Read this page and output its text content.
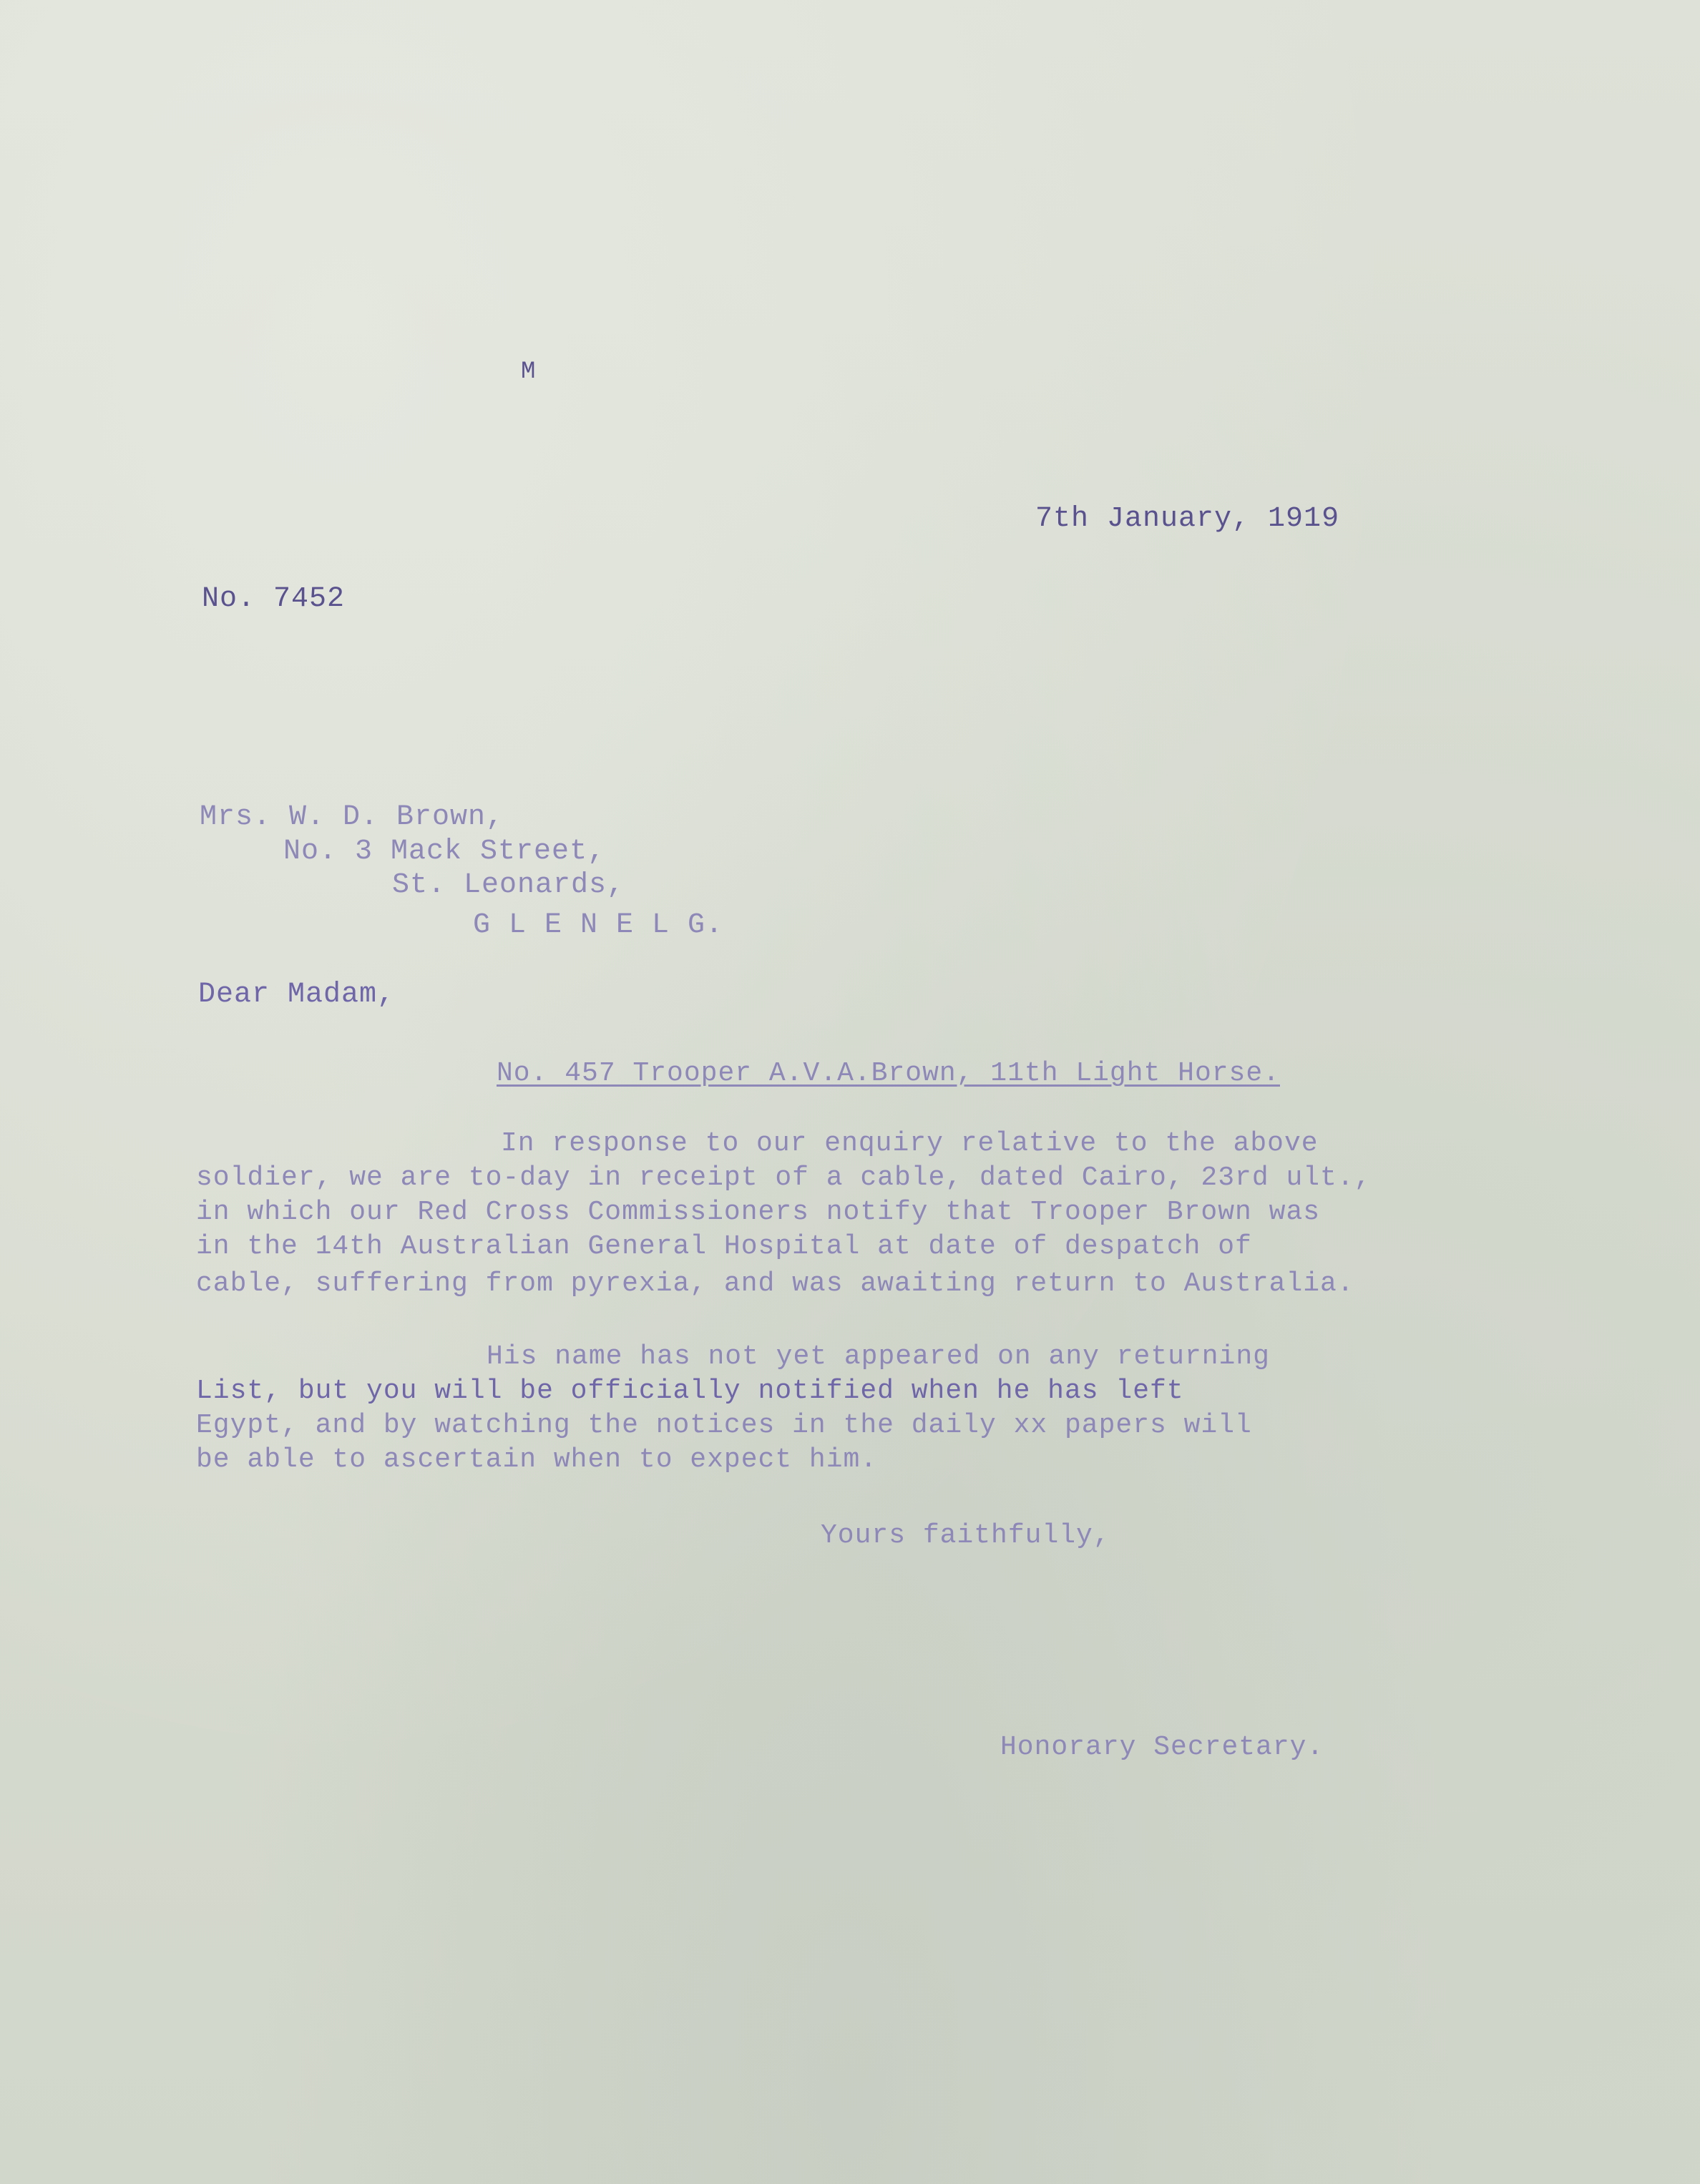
M
7th January, 1919
No. 7452
Mrs. W. D. Brown,
No. 3 Mack Street,
St. Leonards,
G L E N E L G.
Dear Madam,
No. 457 Trooper A.V.A.Brown, 11th Light Horse.
In response to our enquiry relative to the above
soldier, we are to-day in receipt of a cable, dated Cairo, 23rd ult.,
in which our Red Cross Commissioners notify that Trooper Brown was
in the 14th Australian General Hospital at date of despatch of
cable, suffering from pyrexia, and was awaiting return to Australia.
His name has not yet appeared on any returning
List, but you will be officially notified when he has left
Egypt, and by watching the notices in the daily xx papers will
be able to ascertain when to expect him.
Yours faithfully,
Honorary Secretary.
